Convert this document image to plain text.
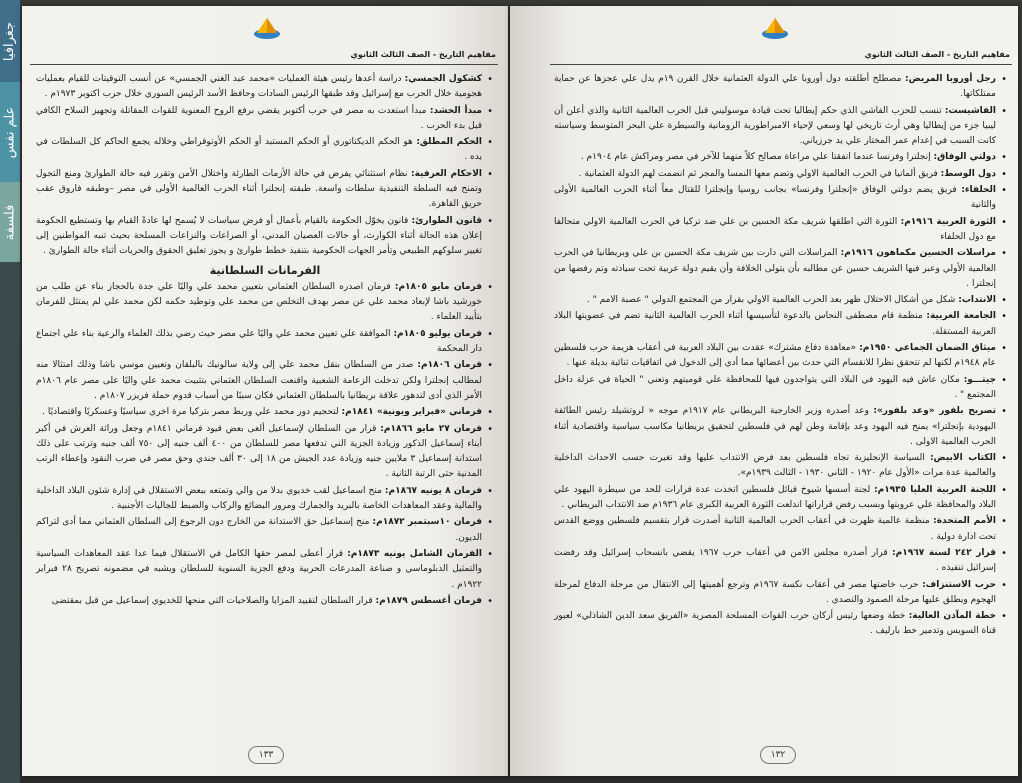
جغرافيا
علم نفس
فلسفة
مفاهيم التاريخ - الصف الثالث الثانوي
• كشكول الجمسي: دراسة أعدها رئيس هيئة العمليات «محمد عبد الغني الجمسي» عن أنسب التوقيتات للقيام بعمليات هجومية خلال الحرب مع إسرائيل وقد طبقها الرئيس السادات وحافظ الأسد الرئيس السوري خلال حرب اكتوبر ١٩٧٣م .
• مبدأ الحشد: مبدأ استعدت به مصر في حرب أكتوبر يقضي برفع الروح المعنوية للقوات المقاتلة وتجهيز السلاح الكافي قبل بدء الحرب .
• الحكم المطلق: هو الحكم الديكتاتوري أو الحكم المستبد أو الحكم الأوتوقراطي وخلاله يجمع الحاكم كل السلطات في يده .
• الاحكام العرفية: نظام استثنائي يفرض في حالة الأزمات الطارئة واختلال الأمن وتقرر فيه حالة الطوارئ ومنع التجول وتمنح فيه السلطة التنفيذية سلطات واسعة. طبقته إنجلترا أثناء الحرب العالمية الأولى في مصر –وطبقه فاروق عقب حريق القاهرة.
• قانون الطوارئ: قانون يخوّل الحكومة بالقيام بأعمال أو فرض سياسات لا يُسمح لها عادةً القيام بها وتستطيع الحكومة إعلان هذه الحالة أثناء الكوارث، أو حالات العصيان المدني، أو الصراعات والنزاعات المسلحة بحيث تنبه المواطنين إلى تغيير سلوكهم الطبيعي وتأمر الجهات الحكومية بتنفيذ خطط طوارئ و يجوز تعليق الحقوق والحريات أثناء حالة الطوارئ .
الفرمانات السلطانية
• فرمان مايو ١٨٠٥م: فرمان اصدره السلطان العثماني بتعيين محمد علي واليًا علي جدة بالحجاز بناء عن طلب من خورشيد باشا لإبعاد محمد علي عن مصر بهدف التخلص من محمد علي وتوطيد حكمه لكن محمد علي لم يمتثل للفرمان بتأييد العلماء .
• فرمان يوليو ١٨٠٥م: الموافقة علي تعيين محمد علي واليًا علي مصر حيث رضي بذلك العلماء والرعية بناء علي اجتماع دار المحكمة
• فرمان ١٨٠٦م: صدر من السلطان بنقل محمد علي إلى ولاية سالونيك بالبلقان وتعيين موسي باشا وذلك امتثالا منه لمطالب إنجلترا ولكن تدخلت الزعامة الشعبية واقنعت السلطان العثماني بتثبيت محمد علي واليًا على مصر عام ١٨٠٦م الأمر الذي أدى لتدهور علاقة بريطانيا بالسلطان العثماني فكان سببًا من أسباب قدوم حملة فريزر ١٨٠٧م .
• فرماني «فبراير ويونية» ١٨٤١م: لتحجيم دور محمد علي وربط مصر بتركيا مرة اخري سياسيًا وعسكريًا واقتصاديًا .
• فرمان ٢٧ مايو ١٨٦٦م: قرار من السلطان لإسماعيل ألغى بعض قيود فرماني ١٨٤١م وجعل وراثة العرش في أكبر أبناء إسماعيل الذكور وزيادة الجزية التي تدفعها مصر للسلطان من ٤٠٠ ألف جنيه إلى ٧٥٠ ألف جنيه وترتب على ذلك استدانة إسماعيل ٣ ملايين جنيه وزيادة عدد الجيش من ١٨ إلى ٣٠ ألف جندي وحق مصر في ضرب النقود وإعطاء الرتب المدنية حتى الرتبة الثانية .
• فرمان ٨ يونيه ١٨٦٧م: منح اسماعيل لقب خديوي بدلا من والي وتمتعه ببعض الاستقلال في إدارة شئون البلاد الداخلية والمالية وعقد المعاهدات الخاصة بالبريد والجمارك ومرور البضائع والركاب والضبط للجاليات الأجنبية .
• فرمان ١٠سبتمبر ١٨٧٢م: منح إسماعيل حق الاستدانة من الخارج دون الرجوع إلى السلطان العثماني مما أدى لتراكم الديون.
• الفرمان الشامل يونيه ١٨٧٣م: قرار أعطى لمصر حقها الكامل في الاستقلال فيما عدا عقد المعاهدات السياسية والتمثيل الدبلوماسي و صناعة المدرعات الحربية ودفع الجزية السنوية للسلطان ويشبه في مضمونه تصريح ٢٨ فبراير ١٩٢٢م .
• فرمان أغسطس ١٨٧٩م: قرار السلطان لتقييد المزايا والصلاحيات التي منحها للخديوي إسماعيل من قبل بمقتضى
١٣٣
مفاهيم التاريخ - الصف الثالث الثانوي
• رجل أوروبا المريض: مصطلح أطلقته دول أوروبا علي الدولة العثمانية خلال القرن ١٩م يدل علي عجزها عن حماية ممتلكاتها.
• الفاشيست: تنسب للحزب الفاشي الذي حكم إيطاليا تحت قيادة موسوليني قبل الحرب العالمية الثانية والذي أعلن أن ليبيا جزء من إيطاليا وهي أرث تاريخي لها وسعي لإحياء الامبراطورية الرومانية والسيطرة علي البحر المتوسط وسياسته كانت السبب في إعدام عمر المختار علي يد جرزياني.
• دولتي الوفاق: إنجلترا وفرنسا عندما اتفقتا علي مراعاة مصالح كلاً منهما للآخر في مصر ومراكش عام ١٩٠٤م .
• دول الوسط: فريق ألمانيا في الحرب العالمية الاولي وتضم معها النمسا والمجر ثم انضمت لهم الدولة العثمانية .
• الحلفاء: فريق يضم دولتي الوفاق «إنجلترا وفرنسا» بجانب روسيا وإنجلترا للقتال معاً أثناء الحرب العالمية الأولى والثانية
• الثورة العربية ١٩١٦م: الثورة التي اطلقها شريف مكة الحسين بن علي ضد تركيا في الحرب العالمية الاولي متحالفا مع دول الحلفاء
• مراسلات الحسين مكماهون ١٩١٦م: المراسلات التي دارت بين شريف مكة الحسين بن علي وبريطانيا في الحرب العالمية الأولي وعبر فيها الشريف حسين عن مطالبه بأن يتولى الخلافة وأن يقيم دولة عربية تحت سيادته وتم رفضها من إنجلترا .
• الانتداب: شكل من أشكال الاحتلال ظهر بعد الحرب العالمية الاولي بقرار من المجتمع الدولي " عصبة الامم " .
• الجامعة العربية: منظمة قام مصطفى النحاس بالدعوة لتأسيسها أثناء الحرب العالمية الثانية تضم في عضويتها البلاد العربية المستقلة.
• ميثاق الضمان الجماعي ١٩٥٠م: «معاهدة دفاع مشترك» عقدت بين البلاد العربية في أعقاب هزيمة حرب فلسطين عام ١٩٤٨م لكنها لم تتحقق نظرا للانقسام التي حدث بين أعضائها مما أدي إلى الدخول في اتفاقيات ثنائية بديلة عنها .
• جيتـــو: مكان عاش فيه اليهود في البلاد التي يتواجدون فيها للمحافظة علي قوميتهم وتعني " الحياة في عزلة داخل المجتمع " .
• تصريح بلفور «وعد بلفور»: وعد أصدره وزير الخارجية البريطاني عام ١٩١٧م موجه « لروتشيلد رئيس الطائفة اليهودية بإنجلترا» يمنح فيه اليهود وعد بإقامة وطن لهم في فلسطين لتحقيق بريطانيا مكاسب سياسية واقتصادية أثناء الحرب العالمية الاولى .
• الكتاب الابيض: السياسة الإنجليزية تجاه فلسطين بعد فرض الانتداب عليها وقد تغيرت حسب الاحداث الداخلية والعالمية عدة مرات «الأول عام ١٩٢٠ - الثاني ١٩٣٠ - الثالث ١٩٣٩م».
• اللجنة العربية العليا ١٩٣٥م: لجنة أسسها شيوخ قبائل فلسطين اتخذت عدة قرارات للحد من سيطرة اليهود علي البلاد والمحافظة علي عروبتها وبسبب رفض قراراتها اندلعت الثورة العربية الكبرى عام ١٩٣٦م ضد الانتداب البريطاني .
• الأمم المتحدة: منظمة عالمية ظهرت في أعقاب الحرب العالمية الثانية أصدرت قرار بتقسيم فلسطين ووضع القدس تحت ادارة دولية .
• قرار ٢٤٢ لسنة ١٩٦٧م: قرار أصدره مجلس الامن في أعقاب حرب ١٩٦٧ يقضي بانسحاب إسرائيل وقد رفضت إسرائيل تنفيذه .
• حرب الاستنزاف: حرب خاضتها مصر في أعقاب نكسة ١٩٦٧م وترجع أهميتها إلى الانتقال من مرحلة الدفاع لمرحلة الهجوم ويطلق عليها مرحلة الصمود والتصدي .
• خطة المآذن العالية: خطة وضعها رئيس أركان حرب القوات المسلحة المصرية «الفريق سعد الدين الشاذلي» لعبور قناة السويس وتدمير خط بارليف .
١٣٢
